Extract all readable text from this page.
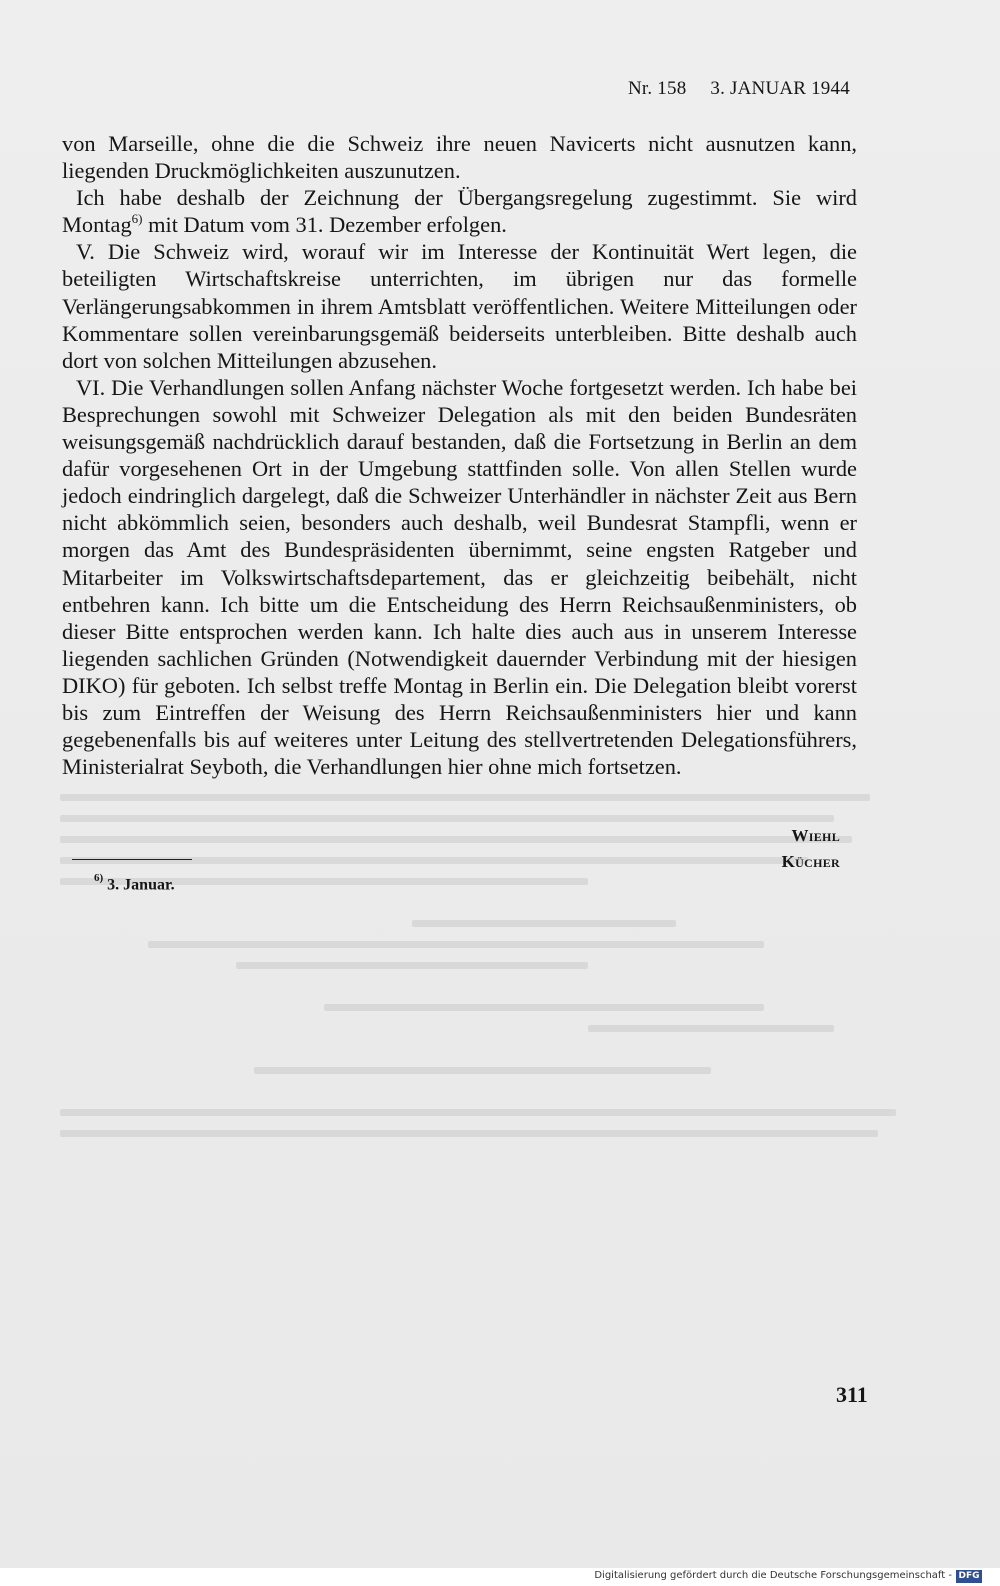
Nr. 158 3. JANUAR 1944

von Marseille, ohne die die Schweiz ihre neuen Navicerts nicht ausnutzen kann, liegenden Druckmöglichkeiten auszunutzen.

Ich habe deshalb der Zeichnung der Übergangsregelung zugestimmt. Sie wird Montag$^{6)}$ mit Datum vom 31. Dezember erfolgen.

V. Die Schweiz wird, worauf wir im Interesse der Kontinuität Wert legen, die beteiligten Wirtschaftskreise unterrichten, im übrigen nur das formelle Verlängerungsabkommen in ihrem Amtsblatt veröffentlichen. Weitere Mitteilungen oder Kommentare sollen vereinbarungsgemäß beiderseits unterbleiben. Bitte deshalb auch dort von solchen Mitteilungen abzusehen.

VI. Die Verhandlungen sollen Anfang nächster Woche fortgesetzt werden. Ich habe bei Besprechungen sowohl mit Schweizer Delegation als mit den beiden Bundesräten weisungsgemäß nachdrücklich darauf bestanden, daß die Fortsetzung in Berlin an dem dafür vorgesehenen Ort in der Umgebung stattfinden solle. Von allen Stellen wurde jedoch eindringlich dargelegt, daß die Schweizer Unterhändler in nächster Zeit aus Bern nicht abkömmlich seien, besonders auch deshalb, weil Bundesrat Stampfli, wenn er morgen das Amt des Bundespräsidenten übernimmt, seine engsten Ratgeber und Mitarbeiter im Volkswirtschaftsdepartement, das er gleichzeitig beibehält, nicht entbehren kann. Ich bitte um die Entscheidung des Herrn Reichsaußenministers, ob dieser Bitte entsprochen werden kann. Ich halte dies auch aus in unserem Interesse liegenden sachlichen Gründen (Notwendigkeit dauernder Verbindung mit der hiesigen DIKO) für geboten. Ich selbst treffe Montag in Berlin ein. Die Delegation bleibt vorerst bis zum Eintreffen der Weisung des Herrn Reichsaußenministers hier und kann gegebenenfalls bis auf weiteres unter Leitung des stellvertretenden Delegationsführers, Ministerialrat Seyboth, die Verhandlungen hier ohne mich fortsetzen.

Wiehl
Kücher
$^{6)}$ 3. Januar.
311
Digitalisierung gefördert durch die Deutsche Forschungsgemeinschaft - DFG
